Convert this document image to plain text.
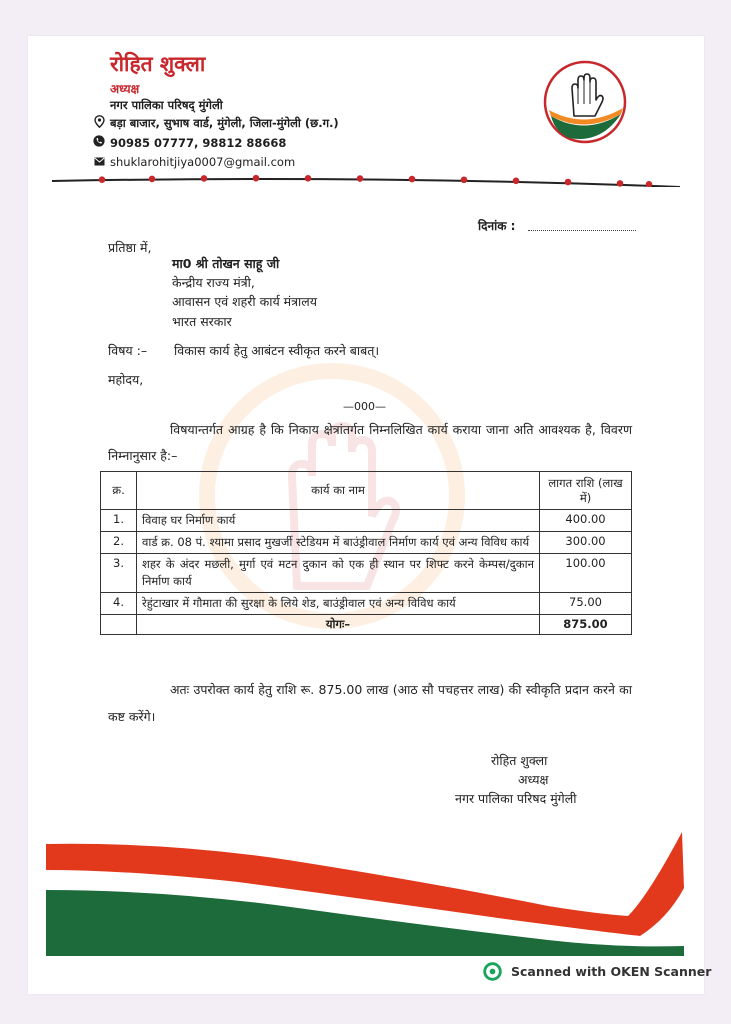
रोहित शुक्ला
अध्यक्ष
नगर पालिका परिषद् मुंगेली
बड़ा बाजार, सुभाष वार्ड, मुंगेली, जिला-मुंगेली (छ.ग.)
90985 07777, 98812 88668
shuklarohitjiya0007@gmail.com
दिनांक :
प्रतिष्ठा में,
मा0 श्री तोखन साहू जी
केन्द्रीय राज्य मंत्री,
आवासन एवं शहरी कार्य मंत्रालय
भारत सरकार
विषय :– विकास कार्य हेतु आबंटन स्वीकृत करने बाबत्।
महोदय,
—000—
विषयान्तर्गत आग्रह है कि निकाय क्षेत्रांतर्गत निम्नलिखित कार्य कराया जाना अति आवश्यक है, विवरण निम्नानुसार है:–
क्र.	कार्य का नाम	लागत राशि (लाख में)
1.	विवाह घर निर्माण कार्य	400.00
2.	वार्ड क्र. 08 पं. श्यामा प्रसाद मुखर्जी स्टेडियम में बाउंड्रीवाल निर्माण कार्य एवं अन्य विविध कार्य	300.00
3.	शहर के अंदर मछली, मुर्गा एवं मटन दुकान को एक ही स्थान पर शिफ्ट करने केम्पस/दुकान निर्माण कार्य	100.00
4.	रेहुंटाखार में गौमाता की सुरक्षा के लिये शेड, बाउंड्रीवाल एवं अन्य विविध कार्य	75.00
	योगः–	875.00
अतः उपरोक्त कार्य हेतु राशि रू. 875.00 लाख (आठ सौ पचहत्तर लाख) की स्वीकृति प्रदान करने का कष्ट करेंगे।
रोहित शुक्ला
अध्यक्ष
नगर पालिका परिषद मुंगेली
Scanned with OKEN Scanner
